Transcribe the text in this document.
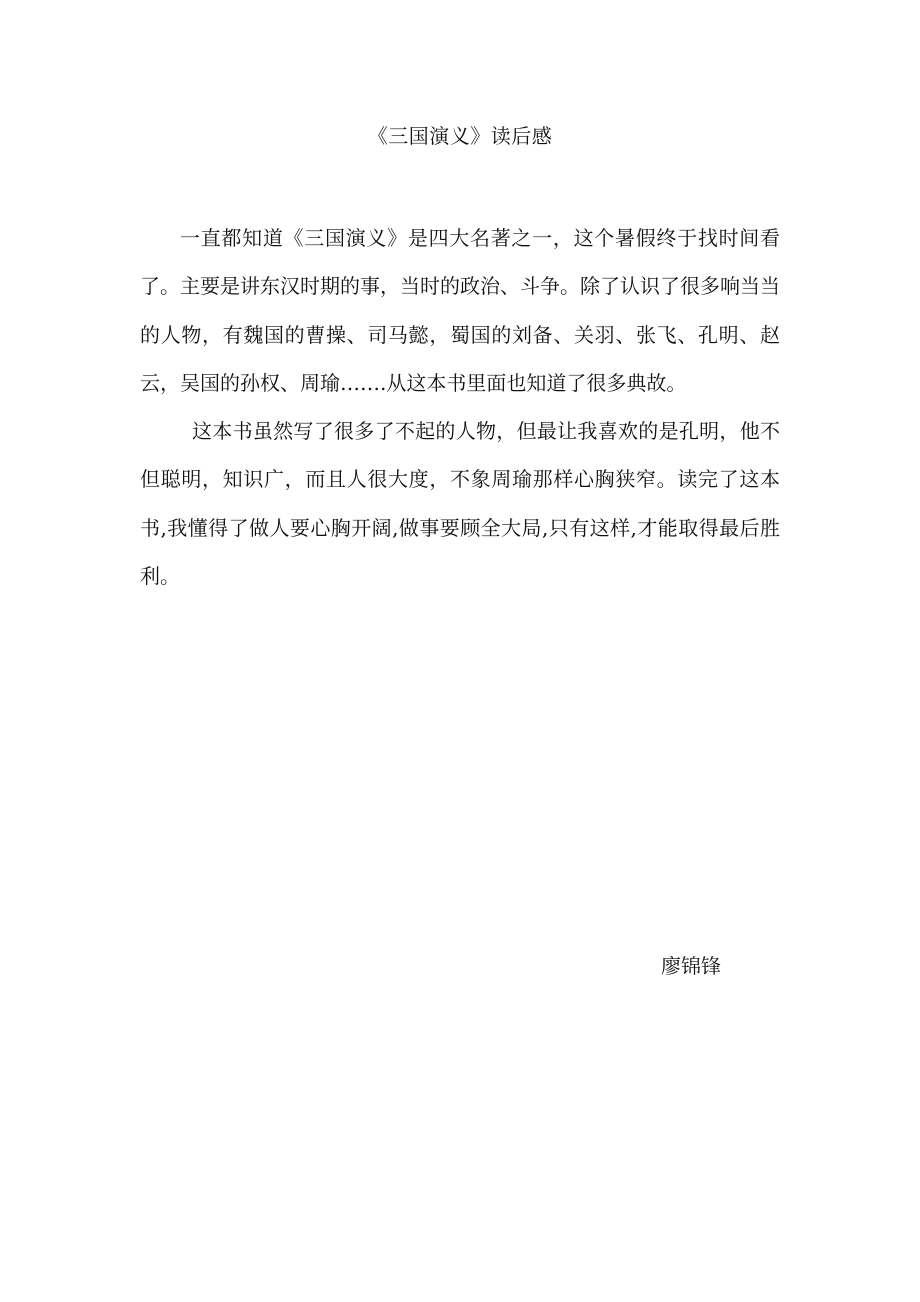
《三国演义》读后感

一直都知道《三国演义》是四大名著之一，这个暑假终于找时间看了。主要是讲东汉时期的事，当时的政治、斗争。除了认识了很多响当当的人物，有魏国的曹操、司马懿，蜀国的刘备、关羽、张飞、孔明、赵云，吴国的孙权、周瑜…….从这本书里面也知道了很多典故。

这本书虽然写了很多了不起的人物，但最让我喜欢的是孔明，他不但聪明，知识广，而且人很大度，不象周瑜那样心胸狭窄。读完了这本书,我懂得了做人要心胸开阔,做事要顾全大局,只有这样,才能取得最后胜利。

廖锦锋
